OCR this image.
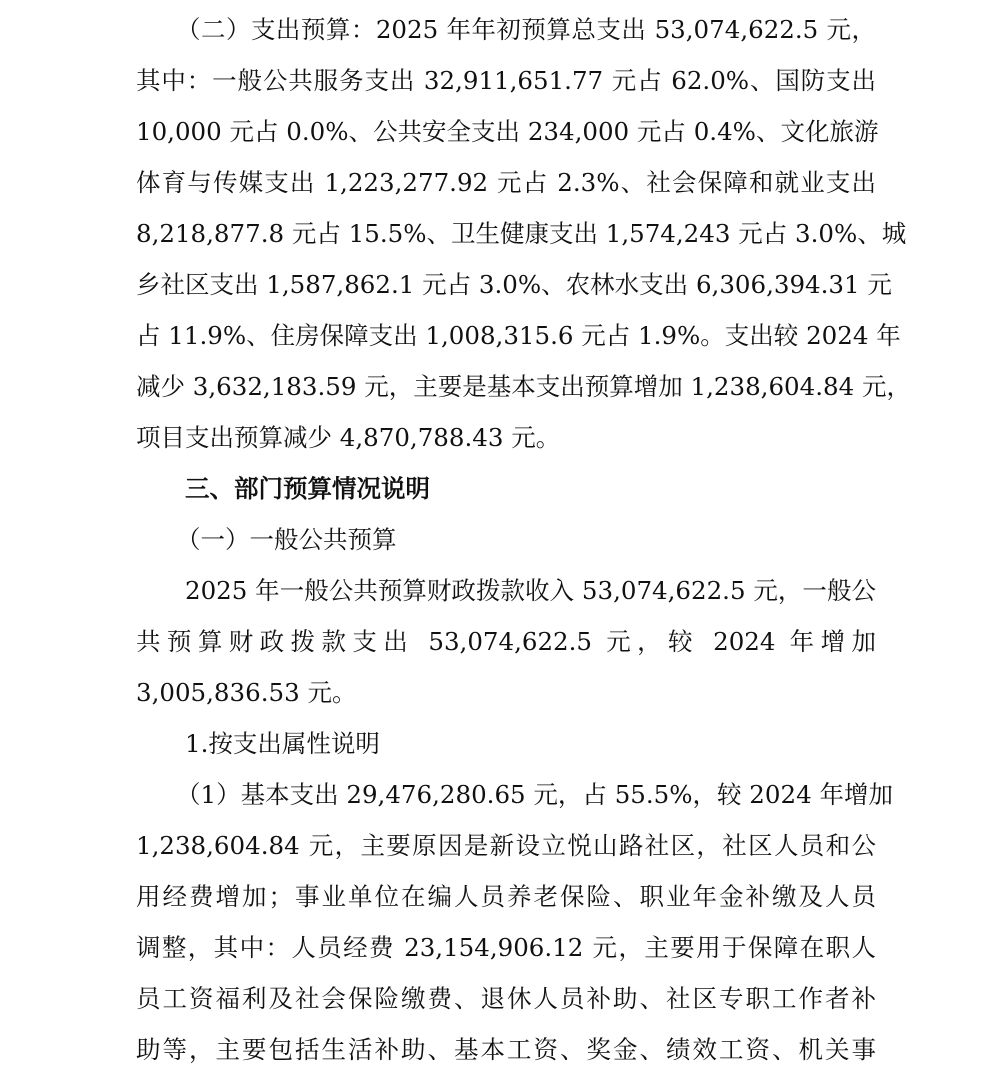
（二）支出预算：2025 年年初预算总支出 53,074,622.5 元，
其中：一般公共服务支出 32,911,651.77 元占 62.0%、国防支出
10,000 元占 0.0%、公共安全支出 234,000 元占 0.4%、文化旅游
体育与传媒支出 1,223,277.92 元占 2.3%、社会保障和就业支出
8,218,877.8 元占 15.5%、卫生健康支出 1,574,243 元占 3.0%、城
乡社区支出 1,587,862.1 元占 3.0%、农林水支出 6,306,394.31 元
占 11.9%、住房保障支出 1,008,315.6 元占 1.9%。支出较 2024 年
减少 3,632,183.59 元，主要是基本支出预算增加 1,238,604.84 元，
项目支出预算减少 4,870,788.43 元。
三、部门预算情况说明
（一）一般公共预算
2025 年一般公共预算财政拨款收入 53,074,622.5 元，一般公
共预算财政拨款支出 53,074,622.5 元，较 2024 年增加
3,005,836.53 元。
1.按支出属性说明
（1）基本支出 29,476,280.65 元，占 55.5%，较 2024 年增加
1,238,604.84 元，主要原因是新设立悦山路社区，社区人员和公
用经费增加；事业单位在编人员养老保险、职业年金补缴及人员
调整，其中：人员经费 23,154,906.12 元，主要用于保障在职人
员工资福利及社会保险缴费、退休人员补助、社区专职工作者补
助等，主要包括生活补助、基本工资、奖金、绩效工资、机关事
